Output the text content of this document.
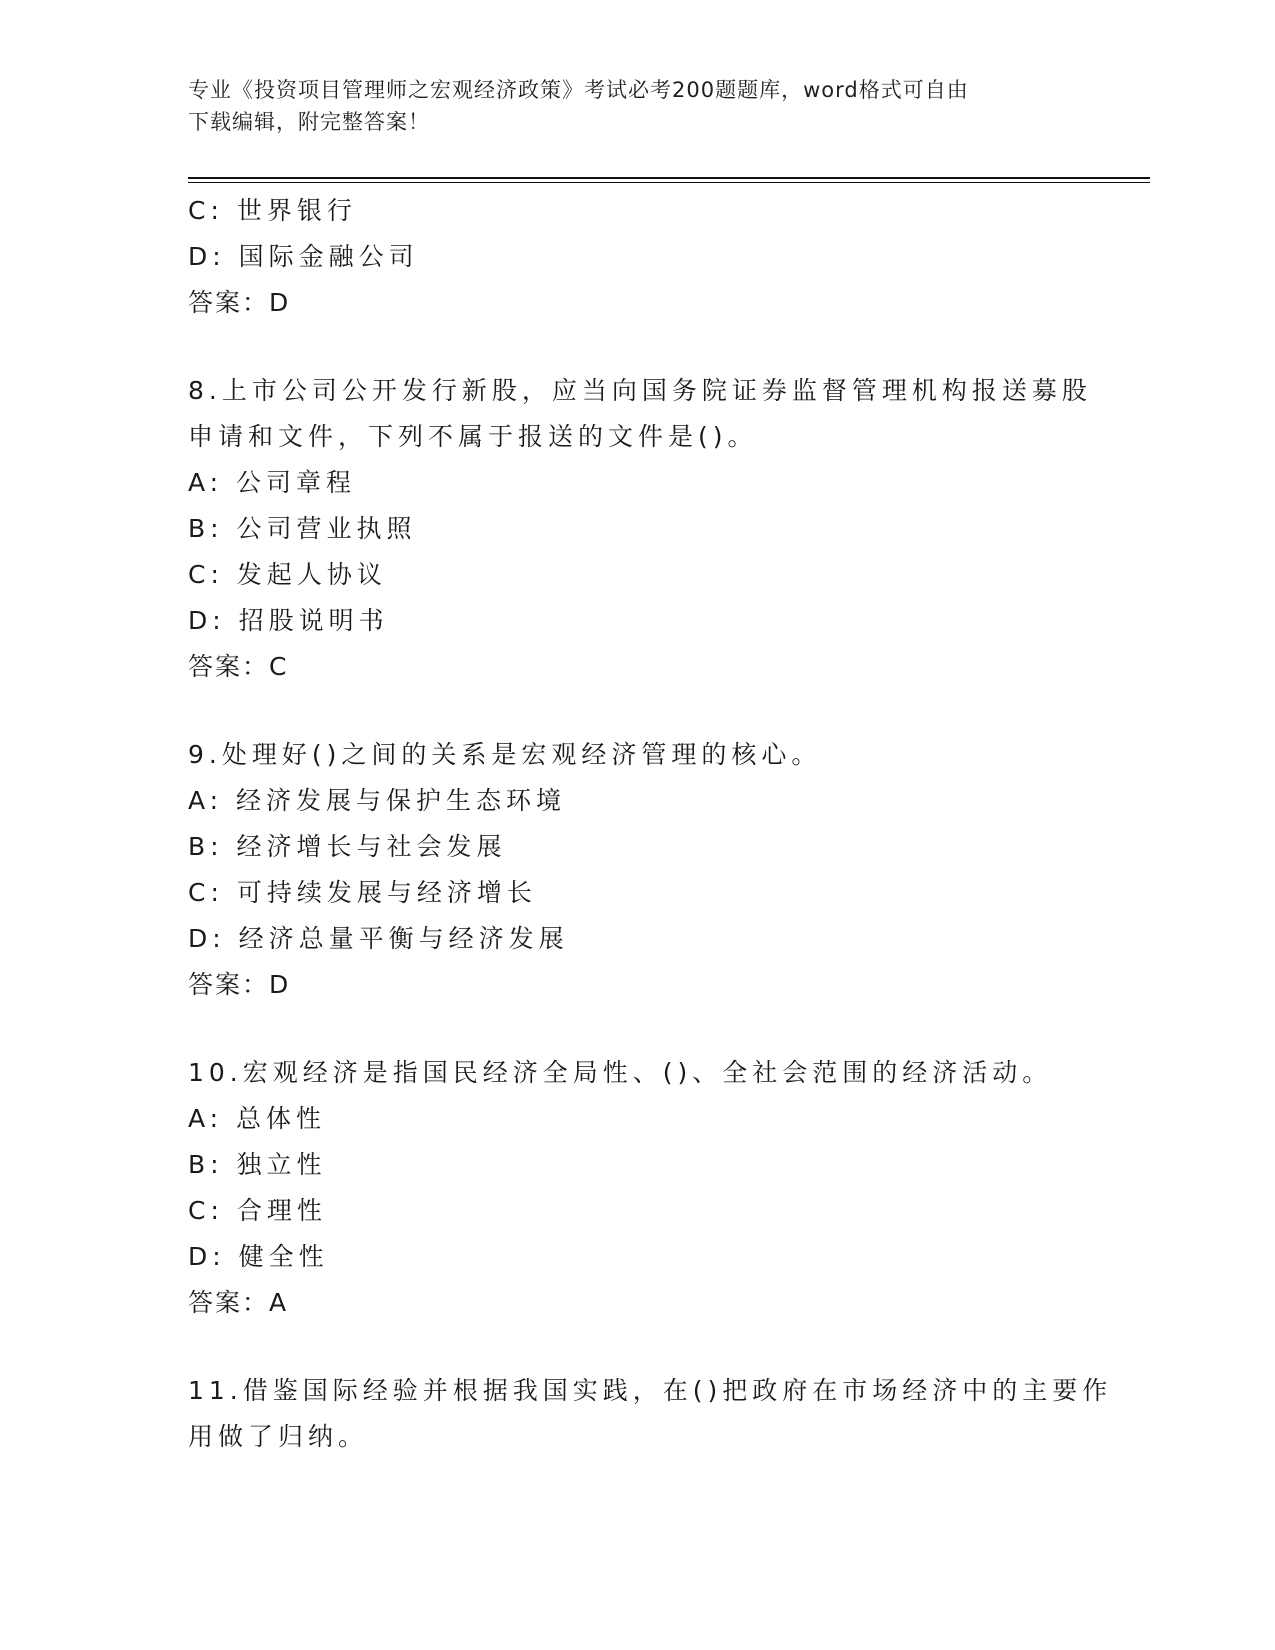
专业《投资项目管理师之宏观经济政策》考试必考200题题库，word格式可自由
下载编辑，附完整答案！
C: 世界银行
D: 国际金融公司
答案：D
8.上市公司公开发行新股，应当向国务院证券监督管理机构报送募股
申请和文件，下列不属于报送的文件是()。
A: 公司章程
B: 公司营业执照
C: 发起人协议
D: 招股说明书
答案：C
9.处理好()之间的关系是宏观经济管理的核心。
A: 经济发展与保护生态环境
B: 经济增长与社会发展
C: 可持续发展与经济增长
D: 经济总量平衡与经济发展
答案：D
10.宏观经济是指国民经济全局性、()、全社会范围的经济活动。
A: 总体性
B: 独立性
C: 合理性
D: 健全性
答案：A
11.借鉴国际经验并根据我国实践，在()把政府在市场经济中的主要作
用做了归纳。
